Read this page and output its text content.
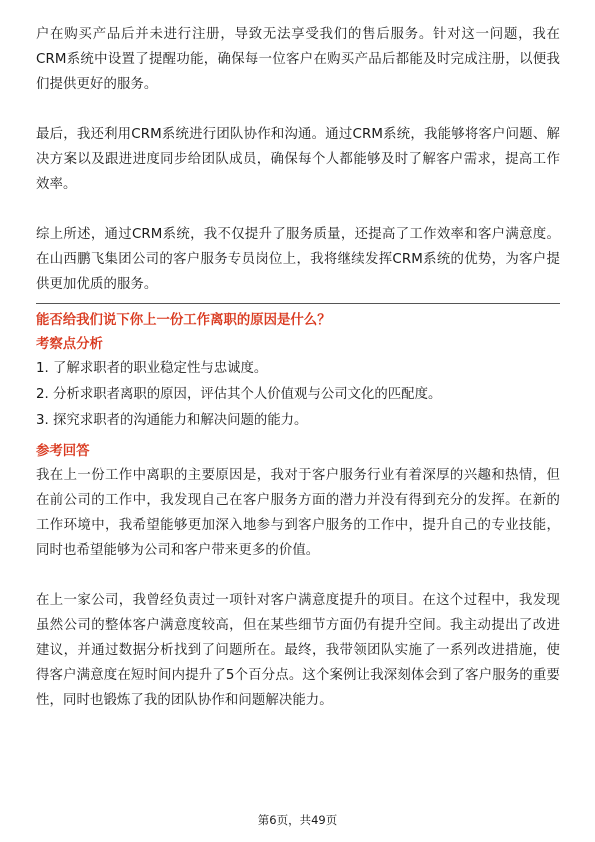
户在购买产品后并未进行注册，导致无法享受我们的售后服务。针对这一问题，我在CRM系统中设置了提醒功能，确保每一位客户在购买产品后都能及时完成注册，以便我们提供更好的服务。

最后，我还利用CRM系统进行团队协作和沟通。通过CRM系统，我能够将客户问题、解决方案以及跟进进度同步给团队成员，确保每个人都能够及时了解客户需求，提高工作效率。

综上所述，通过CRM系统，我不仅提升了服务质量，还提高了工作效率和客户满意度。在山西鹏飞集团公司的客户服务专员岗位上，我将继续发挥CRM系统的优势，为客户提供更加优质的服务。

能否给我们说下你上一份工作离职的原因是什么？

考察点分析

1. 了解求职者的职业稳定性与忠诚度。
2. 分析求职者离职的原因，评估其个人价值观与公司文化的匹配度。
3. 探究求职者的沟通能力和解决问题的能力。

参考回答

我在上一份工作中离职的主要原因是，我对于客户服务行业有着深厚的兴趣和热情，但在前公司的工作中，我发现自己在客户服务方面的潜力并没有得到充分的发挥。在新的工作环境中，我希望能够更加深入地参与到客户服务的工作中，提升自己的专业技能，同时也希望能够为公司和客户带来更多的价值。

在上一家公司，我曾经负责过一项针对客户满意度提升的项目。在这个过程中，我发现虽然公司的整体客户满意度较高，但在某些细节方面仍有提升空间。我主动提出了改进建议，并通过数据分析找到了问题所在。最终，我带领团队实施了一系列改进措施，使得客户满意度在短时间内提升了5个百分点。这个案例让我深刻体会到了客户服务的重要性，同时也锻炼了我的团队协作和问题解决能力。

第6页，共49页
